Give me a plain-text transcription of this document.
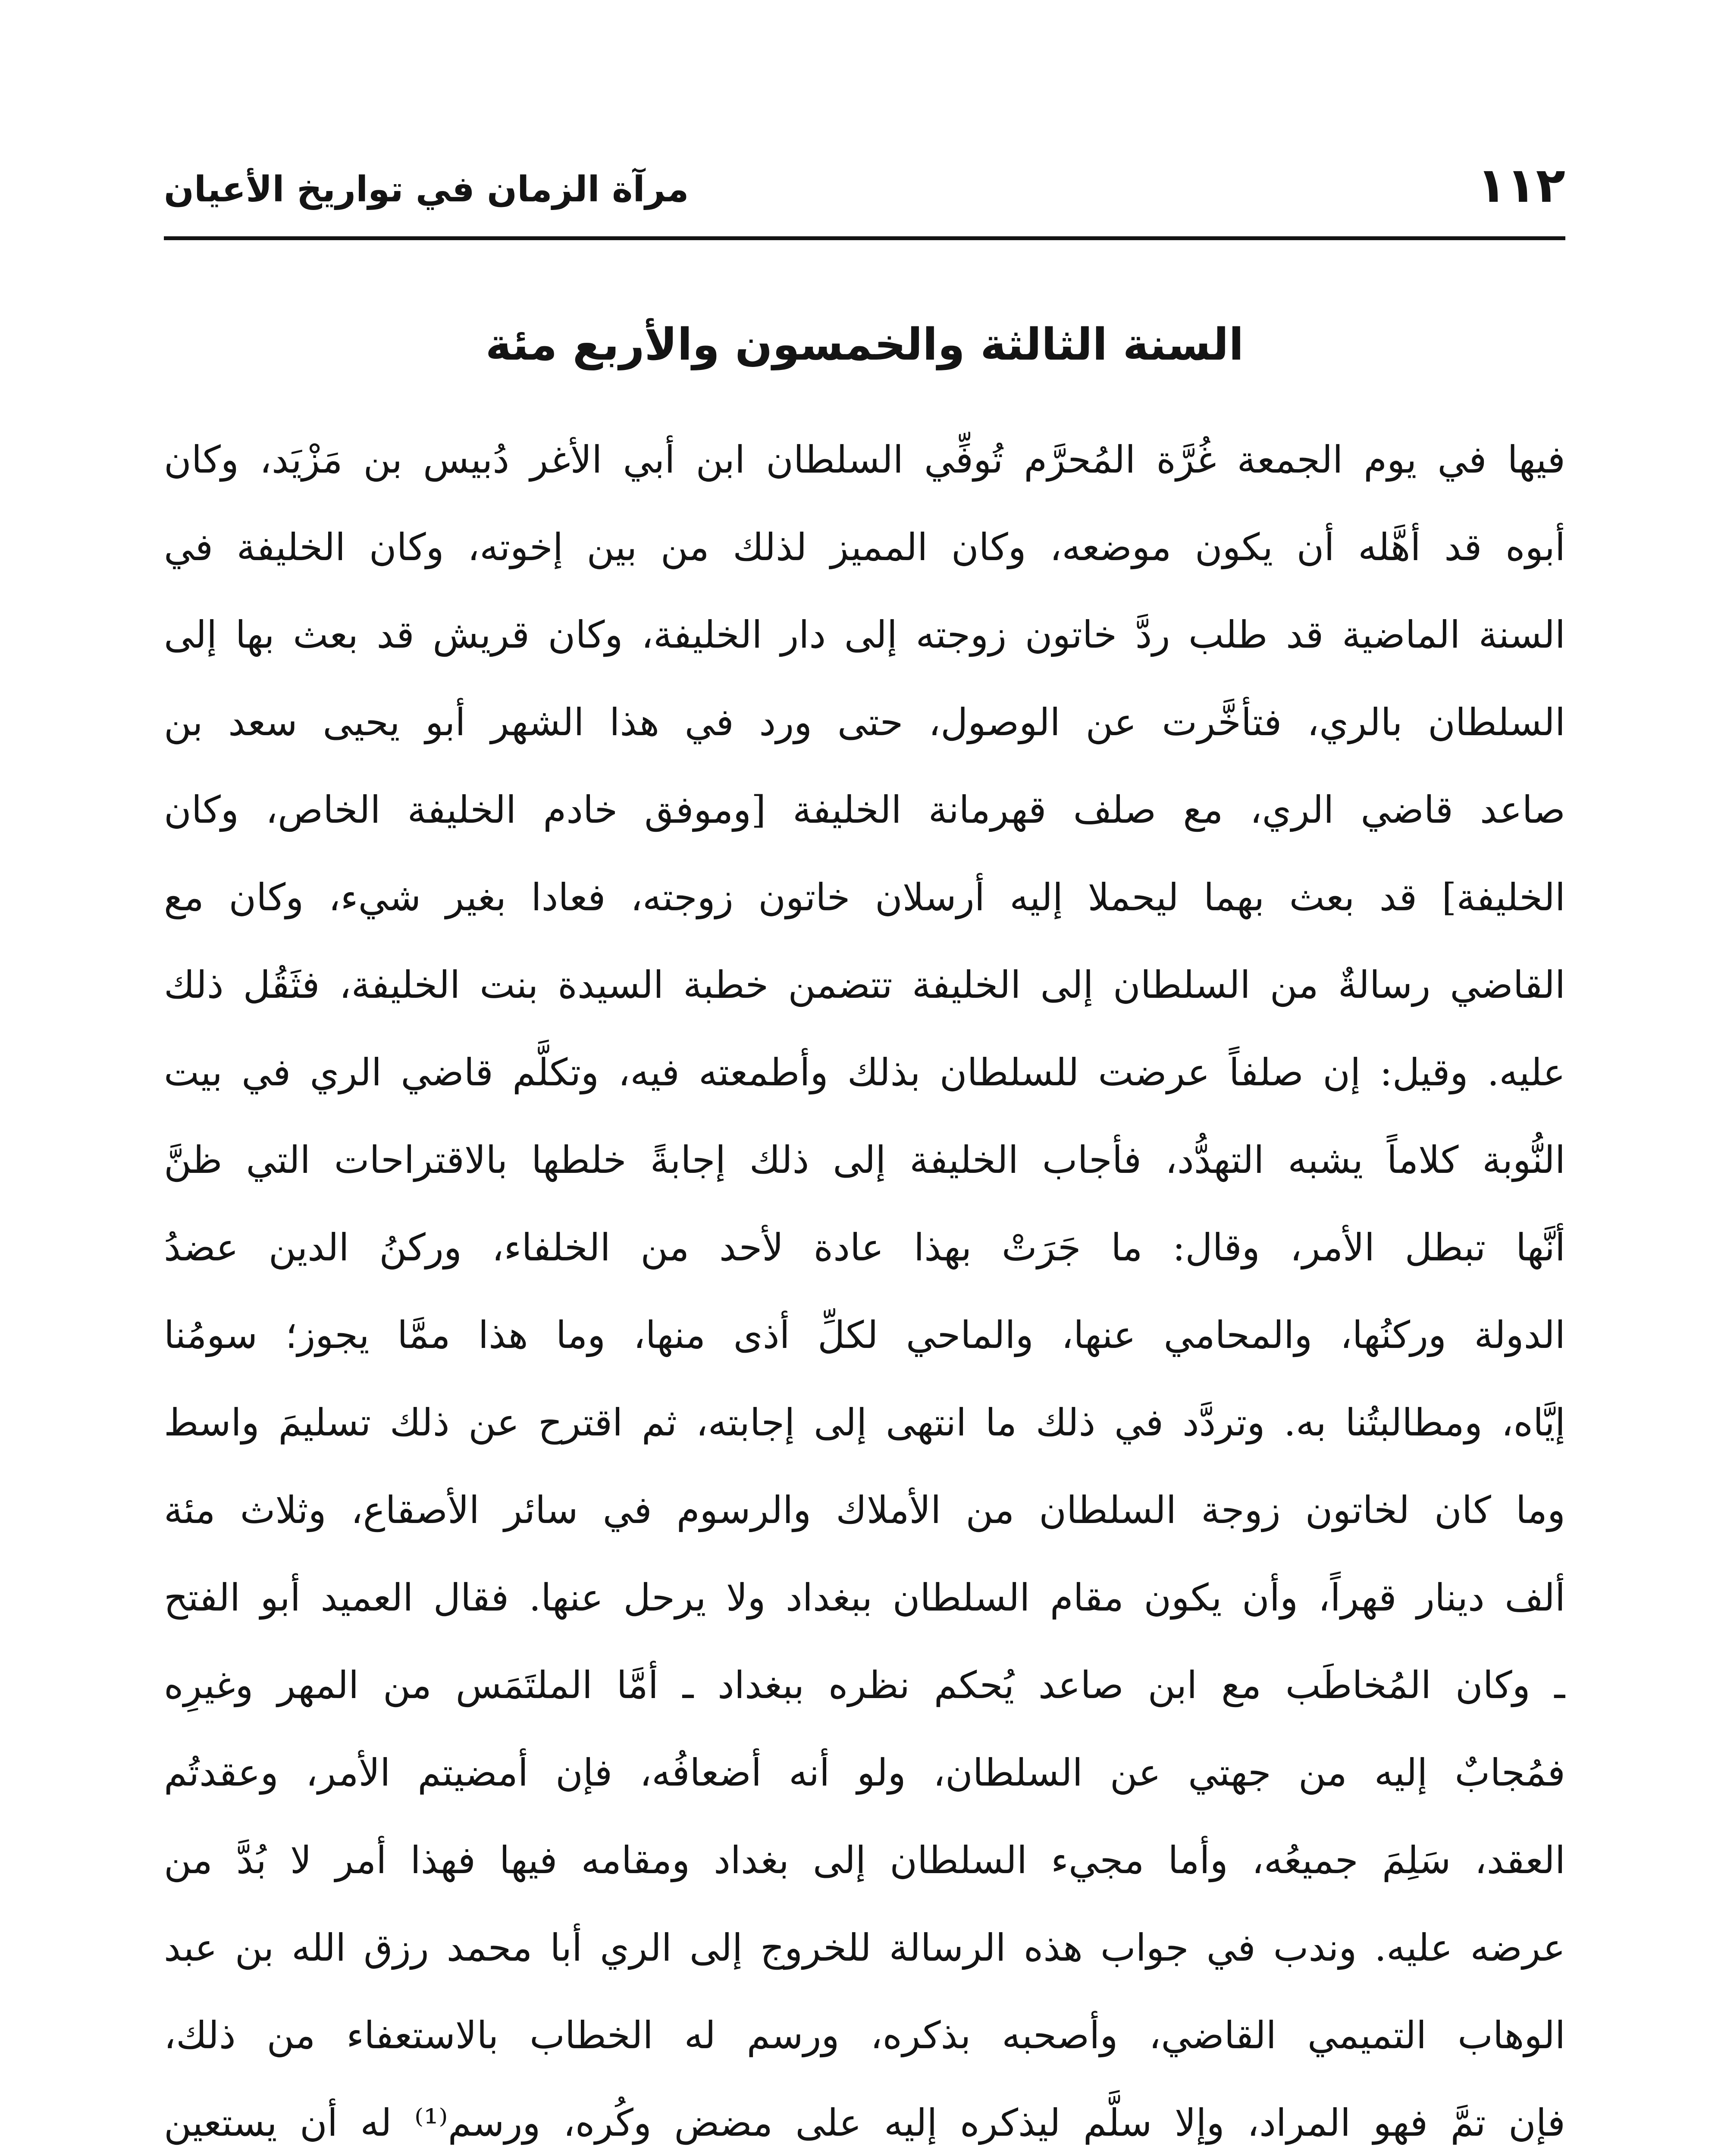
١١٢
مرآة الزمان في تواريخ الأعيان
السنة الثالثة والخمسون والأربع مئة
فيها في يوم الجمعة غُرَّة المُحرَّم تُوفِّي السلطان ابن أبي الأغر دُبيس بن مَزْيَد، وكان
أبوه قد أهَّله أن يكون موضعه، وكان المميز لذلك من بين إخوته، وكان الخليفة في
السنة الماضية قد طلب ردَّ خاتون زوجته إلى دار الخليفة، وكان قريش قد بعث بها إلى
السلطان بالري، فتأخَّرت عن الوصول، حتى ورد في هذا الشهر أبو يحيى سعد بن
صاعد قاضي الري، مع صلف قهرمانة الخليفة [وموفق خادم الخليفة الخاص، وكان
الخليفة] قد بعث بهما ليحملا إليه أرسلان خاتون زوجته، فعادا بغير شيء، وكان مع
القاضي رسالةٌ من السلطان إلى الخليفة تتضمن خطبة السيدة بنت الخليفة، فثَقُل ذلك
عليه. وقيل: إن صلفاً عرضت للسلطان بذلك وأطمعته فيه، وتكلَّم قاضي الري في بيت
النُّوبة كلاماً يشبه التهدُّد، فأجاب الخليفة إلى ذلك إجابةً خلطها بالاقتراحات التي ظنَّ
أنَّها تبطل الأمر، وقال: ما جَرَتْ بهذا عادة لأحد من الخلفاء، وركنُ الدين عضدُ
الدولة وركنُها، والمحامي عنها، والماحي لكلِّ أذى منها، وما هذا ممَّا يجوز؛ سومُنا
إيَّاه، ومطالبتُنا به. وتردَّد في ذلك ما انتهى إلى إجابته، ثم اقترح عن ذلك تسليمَ واسط
وما كان لخاتون زوجة السلطان من الأملاك والرسوم في سائر الأصقاع، وثلاث مئة
ألف دينار قهراً، وأن يكون مقام السلطان ببغداد ولا يرحل عنها. فقال العميد أبو الفتح
ـ وكان المُخاطَب مع ابن صاعد يُحكم نظره ببغداد ـ أمَّا الملتَمَس من المهر وغيرِه
فمُجابٌ إليه من جهتي عن السلطان، ولو أنه أضعافُه، فإن أمضيتم الأمر، وعقدتُم
العقد، سَلِمَ جميعُه، وأما مجيء السلطان إلى بغداد ومقامه فيها فهذا أمر لا بُدَّ من
عرضه عليه. وندب في جواب هذه الرسالة للخروج إلى الري أبا محمد رزق الله بن عبد
الوهاب التميمي القاضي، وأصحبه بذكره، ورسم له الخطاب بالاستعفاء من ذلك،
فإن تمَّ فهو المراد، وإلا سلَّم ليذكره إليه على مضض وكُره، ورسم⁽¹⁾ له أن يستعين
